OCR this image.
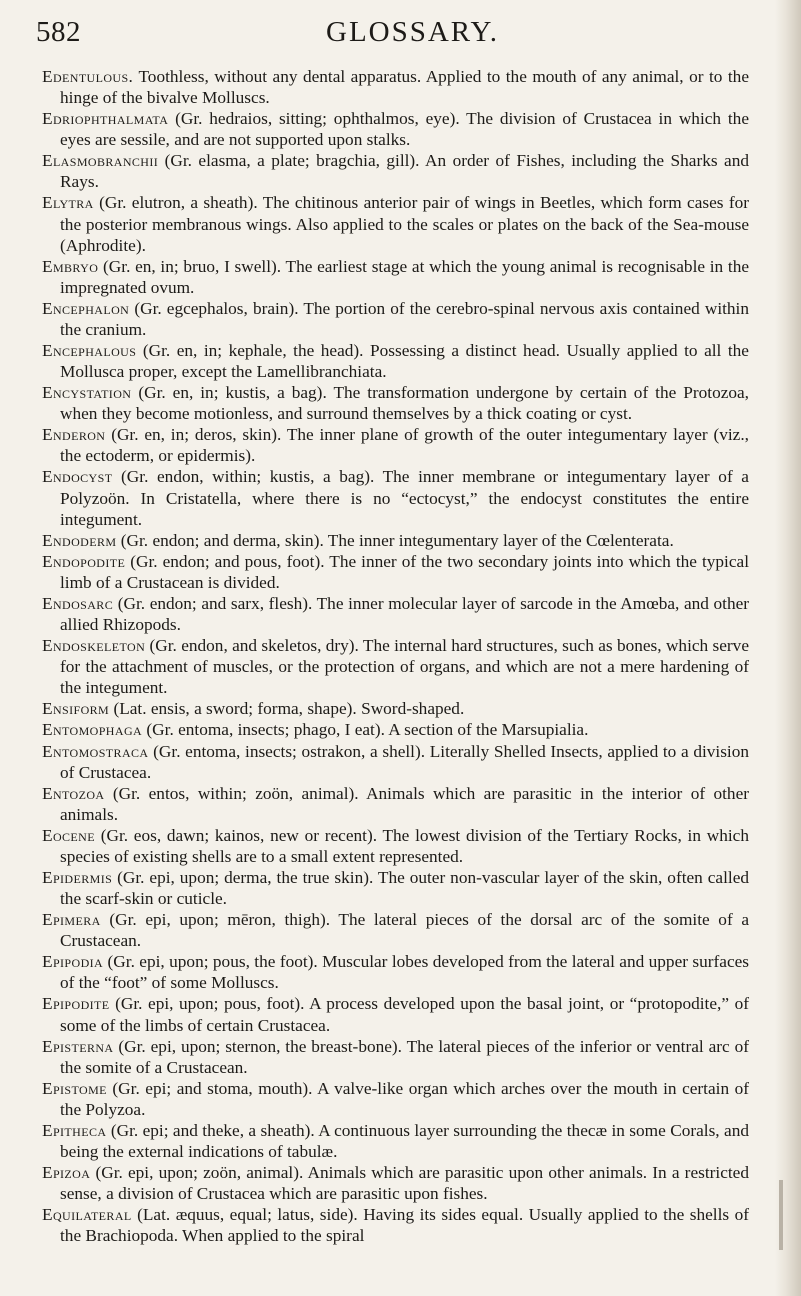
582	GLOSSARY.
Edentulous. Toothless, without any dental apparatus. Applied to the mouth of any animal, or to the hinge of the bivalve Molluscs.
Edriophthalmata (Gr. hedraios, sitting; ophthalmos, eye). The division of Crustacea in which the eyes are sessile, and are not supported upon stalks.
Elasmobranchii (Gr. elasma, a plate; bragchia, gill). An order of Fishes, including the Sharks and Rays.
Elytra (Gr. elutron, a sheath). The chitinous anterior pair of wings in Beetles, which form cases for the posterior membranous wings. Also applied to the scales or plates on the back of the Sea-mouse (Aphrodite).
Embryo (Gr. en, in; bruo, I swell). The earliest stage at which the young animal is recognisable in the impregnated ovum.
Encephalon (Gr. egcephalos, brain). The portion of the cerebro-spinal nervous axis contained within the cranium.
Encephalous (Gr. en, in; kephale, the head). Possessing a distinct head. Usually applied to all the Mollusca proper, except the Lamellibranchiata.
Encystation (Gr. en, in; kustis, a bag). The transformation undergone by certain of the Protozoa, when they become motionless, and surround themselves by a thick coating or cyst.
Enderon (Gr. en, in; deros, skin). The inner plane of growth of the outer integumentary layer (viz., the ectoderm, or epidermis).
Endocyst (Gr. endon, within; kustis, a bag). The inner membrane or integumentary layer of a Polyzoön. In Cristatella, where there is no “ectocyst,” the endocyst constitutes the entire integument.
Endoderm (Gr. endon; and derma, skin). The inner integumentary layer of the Cœlenterata.
Endopodite (Gr. endon; and pous, foot). The inner of the two secondary joints into which the typical limb of a Crustacean is divided.
Endosarc (Gr. endon; and sarx, flesh). The inner molecular layer of sarcode in the Amœba, and other allied Rhizopods.
Endoskeleton (Gr. endon, and skeletos, dry). The internal hard structures, such as bones, which serve for the attachment of muscles, or the protection of organs, and which are not a mere hardening of the integument.
Ensiform (Lat. ensis, a sword; forma, shape). Sword-shaped.
Entomophaga (Gr. entoma, insects; phago, I eat). A section of the Marsupialia.
Entomostraca (Gr. entoma, insects; ostrakon, a shell). Literally Shelled Insects, applied to a division of Crustacea.
Entozoa (Gr. entos, within; zoön, animal). Animals which are parasitic in the interior of other animals.
Eocene (Gr. eos, dawn; kainos, new or recent). The lowest division of the Tertiary Rocks, in which species of existing shells are to a small extent represented.
Epidermis (Gr. epi, upon; derma, the true skin). The outer non-vascular layer of the skin, often called the scarf-skin or cuticle.
Epimera (Gr. epi, upon; mēron, thigh). The lateral pieces of the dorsal arc of the somite of a Crustacean.
Epipodia (Gr. epi, upon; pous, the foot). Muscular lobes developed from the lateral and upper surfaces of the “foot” of some Molluscs.
Epipodite (Gr. epi, upon; pous, foot). A process developed upon the basal joint, or “protopodite,” of some of the limbs of certain Crustacea.
Episterna (Gr. epi, upon; sternon, the breast-bone). The lateral pieces of the inferior or ventral arc of the somite of a Crustacean.
Epistome (Gr. epi; and stoma, mouth). A valve-like organ which arches over the mouth in certain of the Polyzoa.
Epitheca (Gr. epi; and theke, a sheath). A continuous layer surrounding the thecæ in some Corals, and being the external indications of tabulæ.
Epizoa (Gr. epi, upon; zoön, animal). Animals which are parasitic upon other animals. In a restricted sense, a division of Crustacea which are parasitic upon fishes.
Equilateral (Lat. æquus, equal; latus, side). Having its sides equal. Usually applied to the shells of the Brachiopoda. When applied to the spiral
